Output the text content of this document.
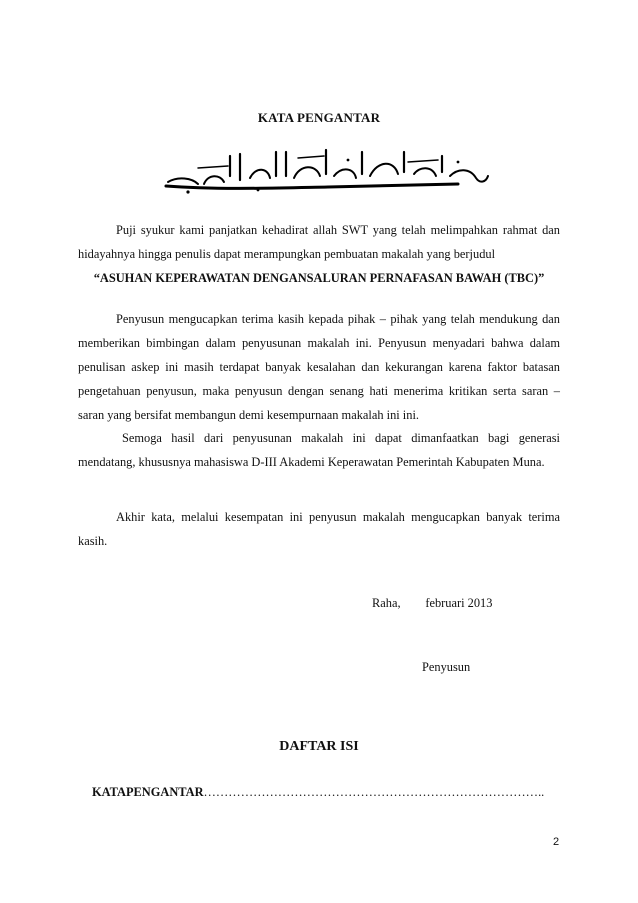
KATA PENGANTAR

Puji syukur kami panjatkan kehadirat allah SWT yang telah melimpahkan rahmat dan hidayahnya hingga penulis dapat merampungkan pembuatan makalah yang berjudul

“ASUHAN KEPERAWATAN DENGANSALURAN PERNAFASAN BAWAH (TBC)”

Penyusun mengucapkan terima kasih kepada pihak – pihak yang telah mendukung dan memberikan bimbingan dalam penyusunan makalah ini. Penyusun menyadari bahwa dalam penulisan askep ini masih terdapat banyak kesalahan dan kekurangan karena faktor batasan pengetahuan penyusun, maka penyusun dengan senang hati menerima kritikan serta saran – saran yang bersifat membangun demi kesempurnaan makalah ini ini.

Semoga hasil dari penyusunan makalah ini dapat dimanfaatkan bagi generasi mendatang, khususnya mahasiswa D-III Akademi Keperawatan Pemerintah Kabupaten Muna.

Akhir kata, melalui kesempatan ini penyusun makalah mengucapkan banyak terima kasih.

Raha,        februari 2013
Penyusun
DAFTAR ISI
KATAPENGANTAR………………………………………………………………………..
2
